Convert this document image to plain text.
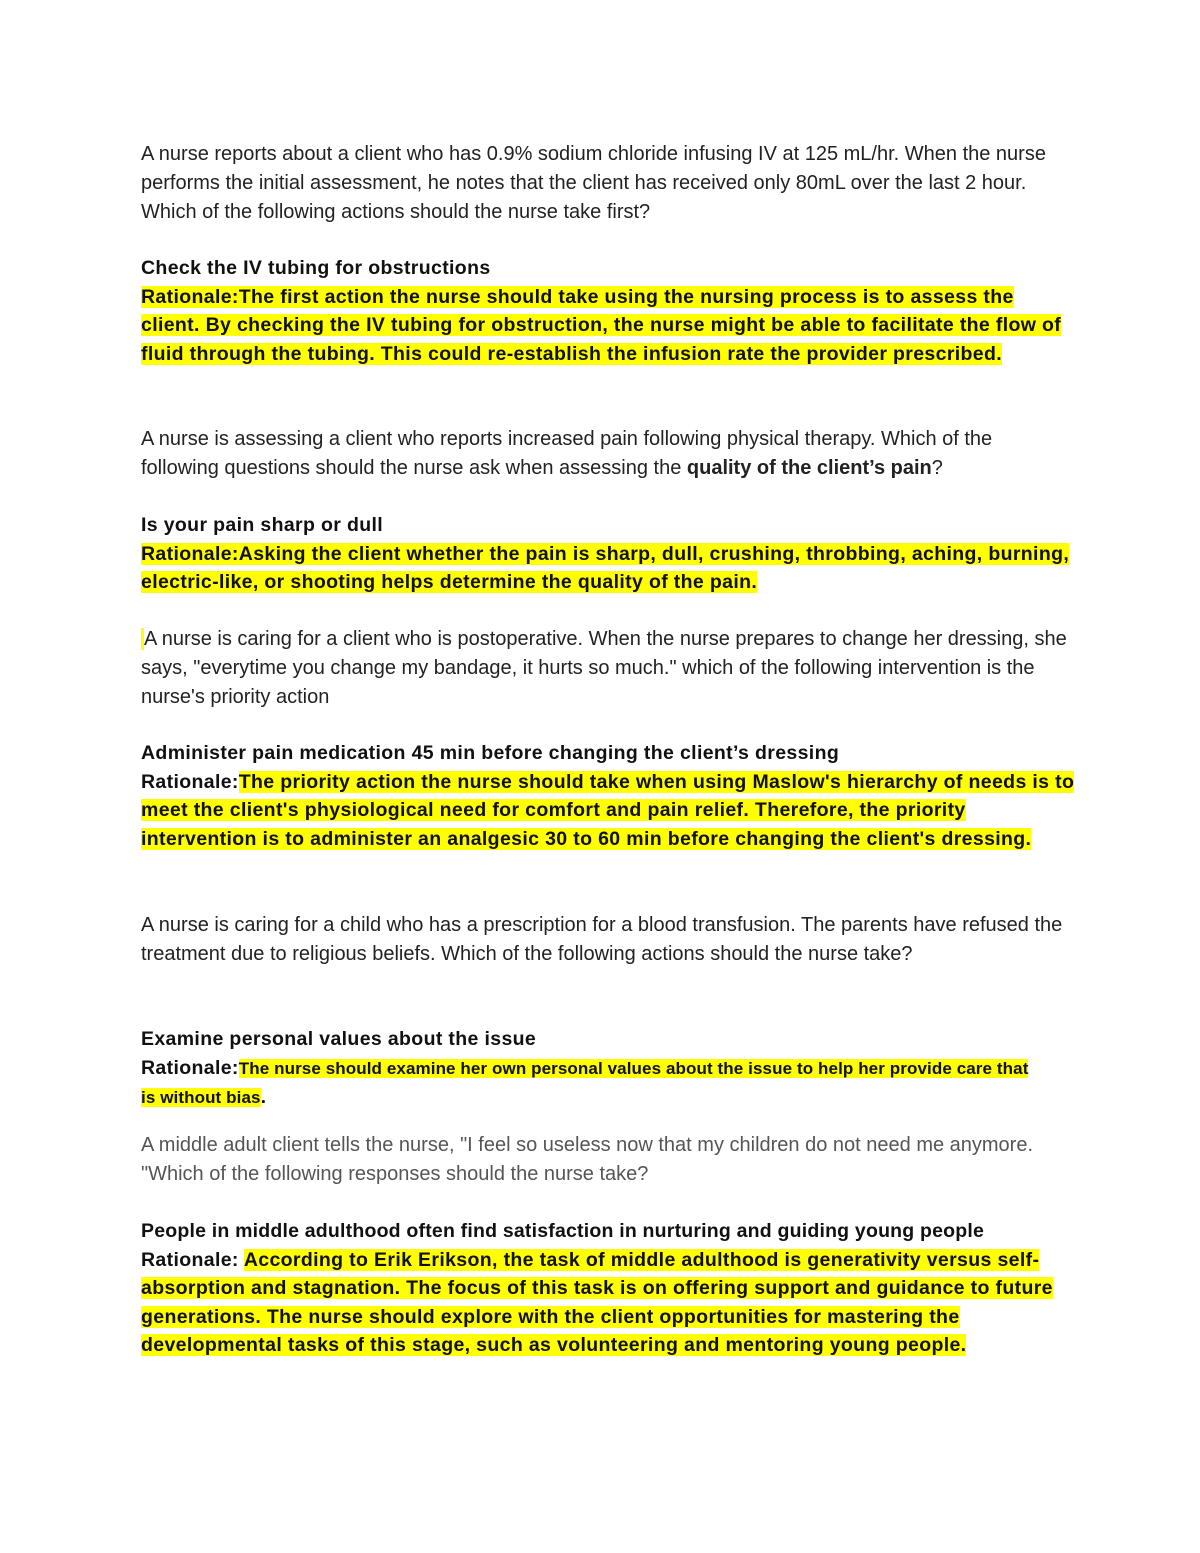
A nurse reports about a client who has 0.9% sodium chloride infusing IV at 125 mL/hr. When the nurse performs the initial assessment, he notes that the client has received only 80mL over the last 2 hour. Which of the following actions should the nurse take first?
Check the IV tubing for obstructions
Rationale:The first action the nurse should take using the nursing process is to assess the client. By checking the IV tubing for obstruction, the nurse might be able to facilitate the flow of fluid through the tubing. This could re-establish the infusion rate the provider prescribed.
A nurse is assessing a client who reports increased pain following physical therapy. Which of the following questions should the nurse ask when assessing the quality of the client’s pain?
Is your pain sharp or dull
Rationale:Asking the client whether the pain is sharp, dull, crushing, throbbing, aching, burning, electric-like, or shooting helps determine the quality of the pain.
A nurse is caring for a client who is postoperative. When the nurse prepares to change her dressing, she says, "everytime you change my bandage, it hurts so much." which of the following intervention is the nurse's priority action
Administer pain medication 45 min before changing the client’s dressing
Rationale:The priority action the nurse should take when using Maslow's hierarchy of needs is to meet the client's physiological need for comfort and pain relief. Therefore, the priority intervention is to administer an analgesic 30 to 60 min before changing the client's dressing.
A nurse is caring for a child who has a prescription for a blood transfusion. The parents have refused the treatment due to religious beliefs. Which of the following actions should the nurse take?
Examine personal values about the issue
Rationale:The nurse should examine her own personal values about the issue to help her provide care that is without bias.
A middle adult client tells the nurse, "I feel so useless now that my children do not need me anymore. "Which of the following responses should the nurse take?
People in middle adulthood often find satisfaction in nurturing and guiding young people
Rationale: According to Erik Erikson, the task of middle adulthood is generativity versus self-absorption and stagnation. The focus of this task is on offering support and guidance to future generations. The nurse should explore with the client opportunities for mastering the developmental tasks of this stage, such as volunteering and mentoring young people.
